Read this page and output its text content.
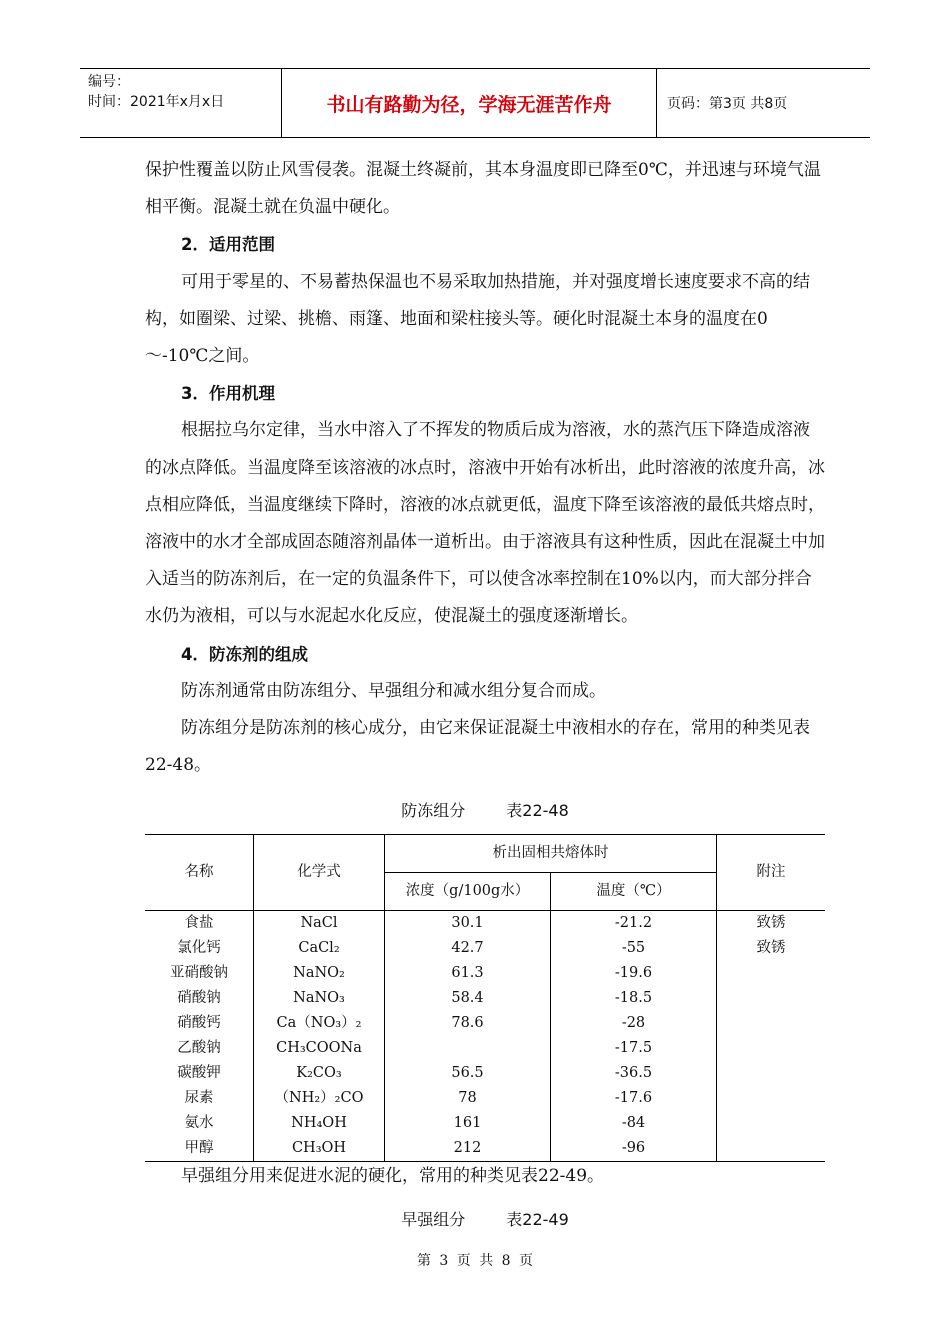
编号：
时间：2021年x月x日	书山有路勤为径，学海无涯苦作舟	页码：第3页 共8页

保护性覆盖以防止风雪侵袭。混凝土终凝前，其本身温度即已降至0℃，并迅速与环境气温相平衡。混凝土就在负温中硬化。

2．适用范围

可用于零星的、不易蓄热保温也不易采取加热措施，并对强度增长速度要求不高的结构，如圈梁、过梁、挑檐、雨篷、地面和梁柱接头等。硬化时混凝土本身的温度在0～-10℃之间。

3．作用机理

根据拉乌尔定律，当水中溶入了不挥发的物质后成为溶液，水的蒸汽压下降造成溶液的冰点降低。当温度降至该溶液的冰点时，溶液中开始有冰析出，此时溶液的浓度升高，冰点相应降低，当温度继续下降时，溶液的冰点就更低，温度下降至该溶液的最低共熔点时，溶液中的水才全部成固态随溶剂晶体一道析出。由于溶液具有这种性质，因此在混凝土中加入适当的防冻剂后，在一定的负温条件下，可以使含冰率控制在10%以内，而大部分拌合水仍为液相，可以与水泥起水化反应，使混凝土的强度逐渐增长。

4．防冻剂的组成

防冻剂通常由防冻组分、早强组分和减水组分复合而成。

防冻组分是防冻剂的核心成分，由它来保证混凝土中液相水的存在，常用的种类见表22-48。

防冻组分	表22-48
名称	化学式	析出固相共熔体时		附注
		浓度（g/100g水）	温度（℃）	
食盐	NaCl	30.1	-21.2	致锈
氯化钙	CaCl₂	42.7	-55	致锈
亚硝酸钠	NaNO₂	61.3	-19.6	
硝酸钠	NaNO₃	58.4	-18.5	
硝酸钙	Ca（NO₃）₂	78.6	-28	
乙酸钠	CH₃COONa		-17.5	
碳酸钾	K₂CO₃	56.5	-36.5	
尿素	（NH₂）₂CO	78	-17.6	
氨水	NH₄OH	161	-84	
甲醇	CH₃OH	212	-96	

早强组分用来促进水泥的硬化，常用的种类见表22-49。

早强组分	表22-49
第 3 页 共 8 页
